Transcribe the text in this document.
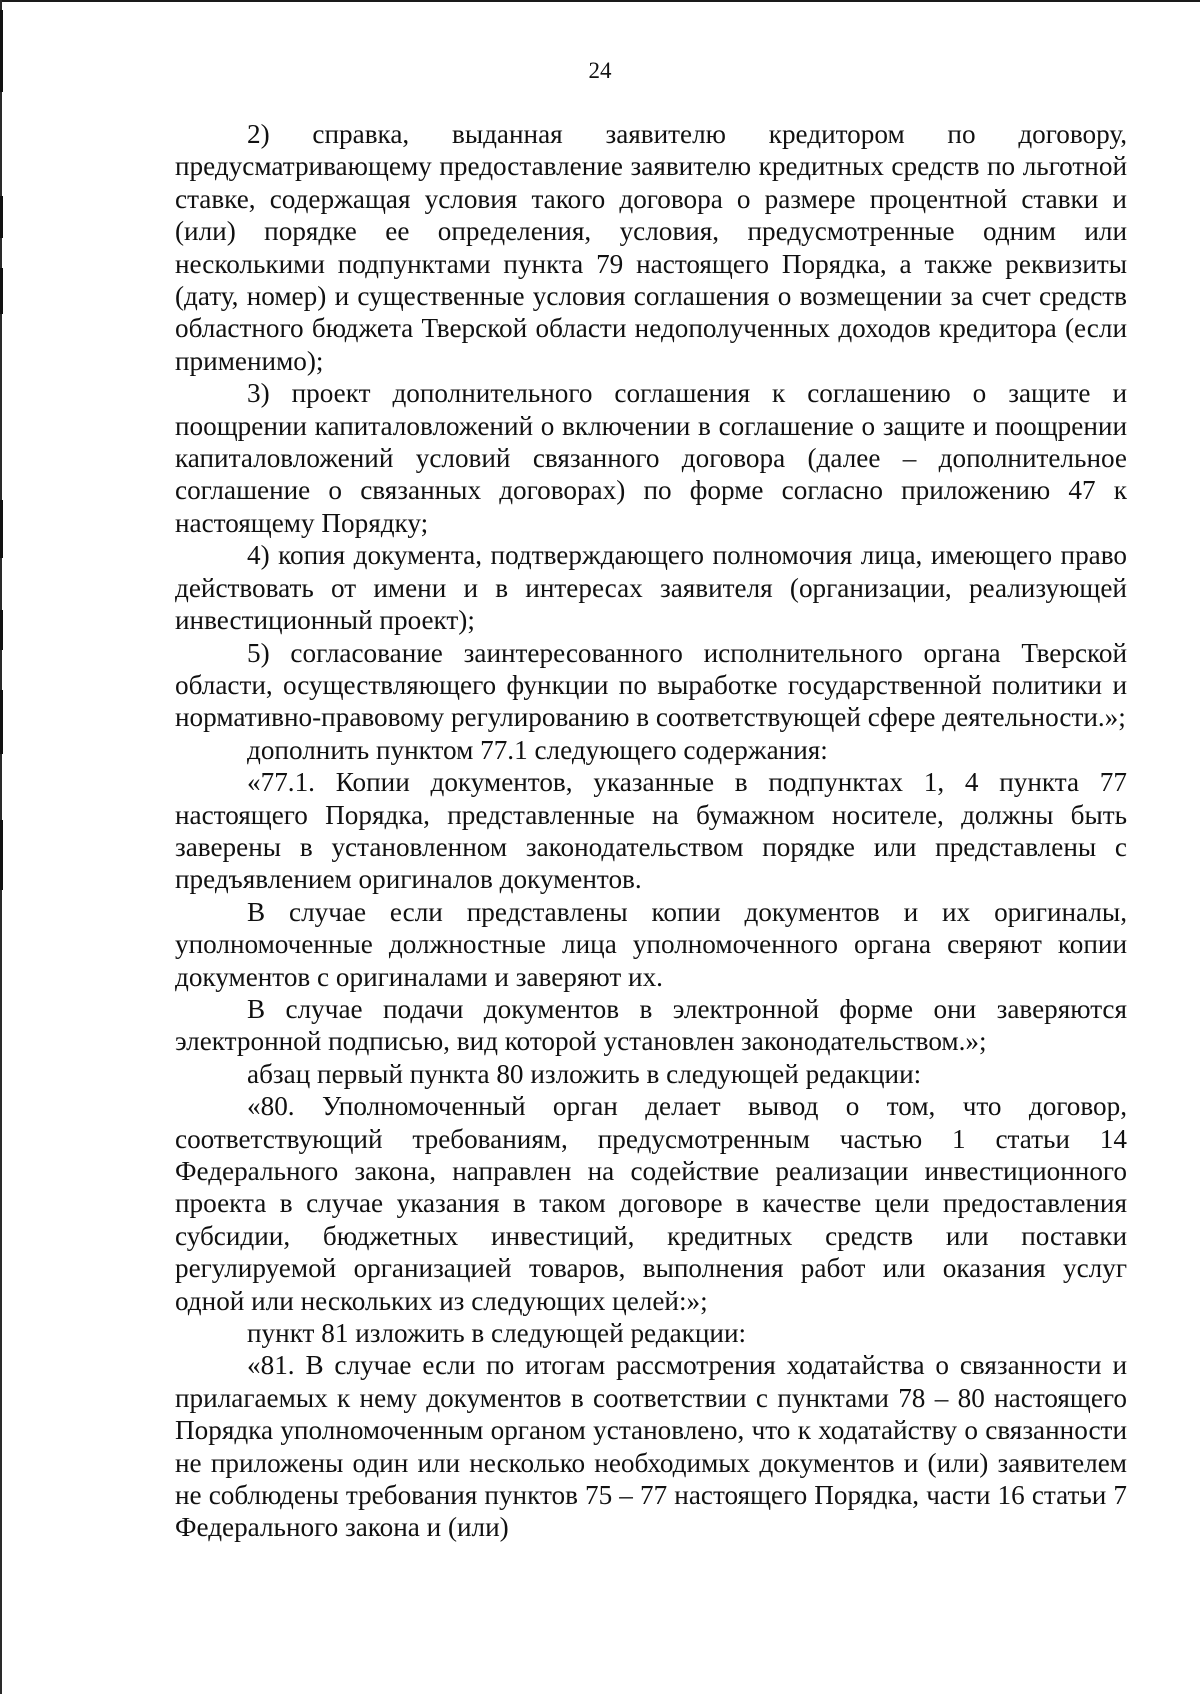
24

2) справка, выданная заявителю кредитором по договору, предусматривающему предоставление заявителю кредитных средств по льготной ставке, содержащая условия такого договора о размере процентной ставки и (или) порядке ее определения, условия, предусмотренные одним или несколькими подпунктами пункта 79 настоящего Порядка, а также реквизиты (дату, номер) и существенные условия соглашения о возмещении за счет средств областного бюджета Тверской области недополученных доходов кредитора (если применимо);

3) проект дополнительного соглашения к соглашению о защите и поощрении капиталовложений о включении в соглашение о защите и поощрении капиталовложений условий связанного договора (далее – дополнительное соглашение о связанных договорах) по форме согласно приложению 47 к настоящему Порядку;

4) копия документа, подтверждающего полномочия лица, имеющего право действовать от имени и в интересах заявителя (организации, реализующей инвестиционный проект);

5) согласование заинтересованного исполнительного органа Тверской области, осуществляющего функции по выработке государственной политики и нормативно-правовому регулированию в соответствующей сфере деятельности.»;

дополнить пунктом 77.1 следующего содержания:

«77.1. Копии документов, указанные в подпунктах 1, 4 пункта 77 настоящего Порядка, представленные на бумажном носителе, должны быть заверены в установленном законодательством порядке или представлены с предъявлением оригиналов документов.

В случае если представлены копии документов и их оригиналы, уполномоченные должностные лица уполномоченного органа сверяют копии документов с оригиналами и заверяют их.

В случае подачи документов в электронной форме они заверяются электронной подписью, вид которой установлен законодательством.»;

абзац первый пункта 80 изложить в следующей редакции:

«80. Уполномоченный орган делает вывод о том, что договор, соответствующий требованиям, предусмотренным частью 1 статьи 14 Федерального закона, направлен на содействие реализации инвестиционного проекта в случае указания в таком договоре в качестве цели предоставления субсидии, бюджетных инвестиций, кредитных средств или поставки регулируемой организацией товаров, выполнения работ или оказания услуг одной или нескольких из следующих целей:»;

пункт 81 изложить в следующей редакции:

«81. В случае если по итогам рассмотрения ходатайства о связанности и прилагаемых к нему документов в соответствии с пунктами 78 – 80 настоящего Порядка уполномоченным органом установлено, что к ходатайству о связанности не приложены один или несколько необходимых документов и (или) заявителем не соблюдены требования пунктов 75 – 77 настоящего Порядка, части 16 статьи 7 Федерального закона и (или)
